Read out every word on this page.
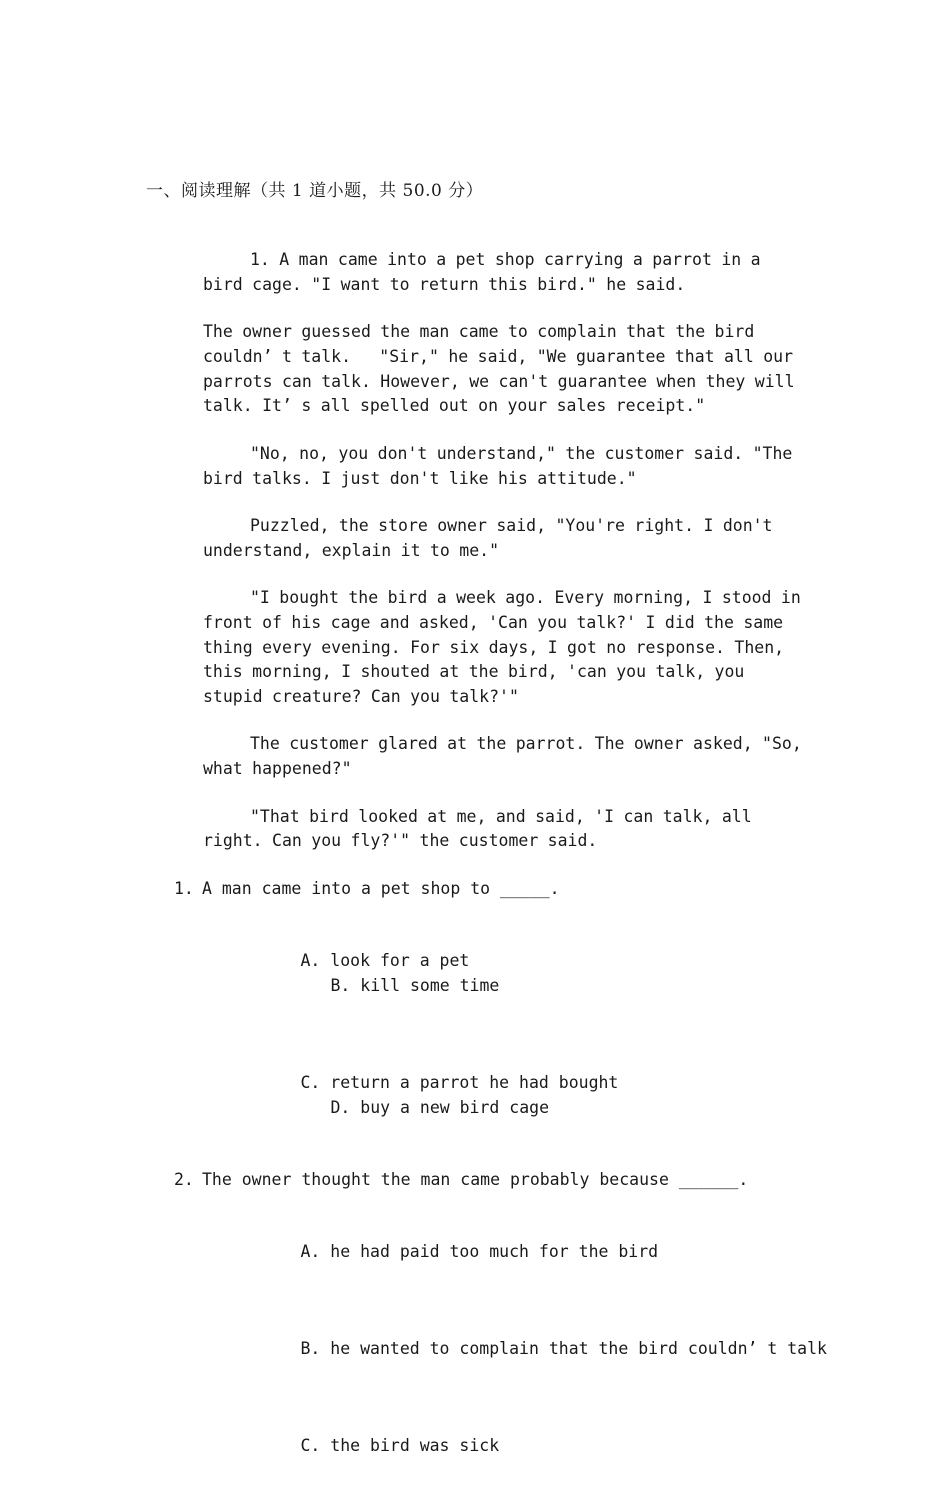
一、阅读理解（共 1 道小题，共 50.0 分）

1. A man came into a pet shop carrying a parrot in a bird cage. "I want to return this bird." he said.

The owner guessed the man came to complain that the bird couldn’ t talk.   "Sir," he said, "We guarantee that all our parrots can talk. However, we can't guarantee when they will talk. It’ s all spelled out on your sales receipt."

"No, no, you don't understand," the customer said. "The bird talks. I just don't like his attitude."

Puzzled, the store owner said, "You're right. I don't understand, explain it to me."

"I bought the bird a week ago. Every morning, I stood in front of his cage and asked, 'Can you talk?' I did the same thing every evening. For six days, I got no response. Then, this morning, I shouted at the bird, 'can you talk, you stupid creature? Can you talk?'"

The customer glared at the parrot. The owner asked, "So, what happened?"

"That bird looked at me, and said, 'I can talk, all right. Can you fly?'" the customer said.

1. A man came into a pet shop to _____.

A. look for a pet
B. kill some time

C. return a parrot he had bought
D. buy a new bird cage

2. The owner thought the man came probably because ______.

A. he had paid too much for the bird

B. he wanted to complain that the bird couldn’ t talk

C. the bird was sick
